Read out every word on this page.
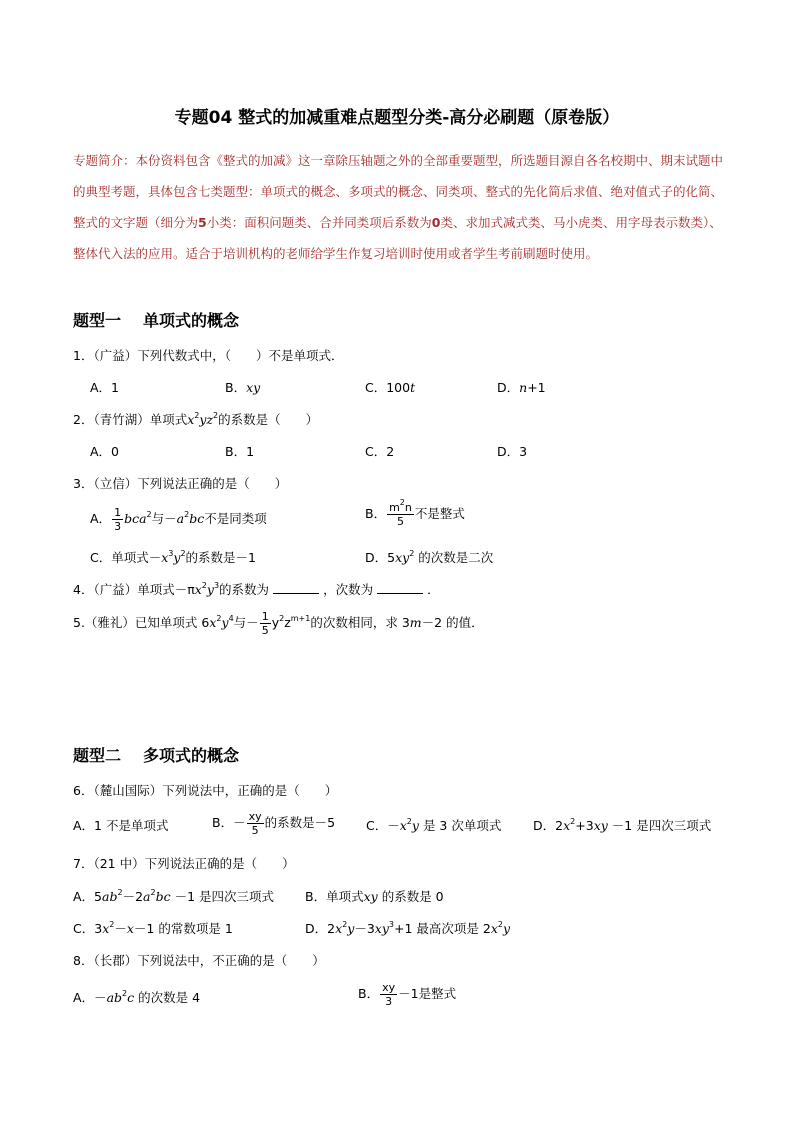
专题04 整式的加减重难点题型分类-高分必刷题（原卷版）
专题简介：本份资料包含《整式的加减》这一章除压轴题之外的全部重要题型，所选题目源自各名校期中、期末试题中的典型考题，具体包含七类题型：单项式的概念、多项式的概念、同类项、整式的先化简后求值、绝对值式子的化简、整式的文字题（细分为5小类：面积问题类、合并同类项后系数为0类、求加式减式类、马小虎类、用字母表示数类）、整体代入法的应用。适合于培训机构的老师给学生作复习培训时使用或者学生考前刷题时使用。
题型一 单项式的概念
1．（广益）下列代数式中，（　　）不是单项式．
A．1	B．xy	C．100t	D．n+1
2．（青竹湖）单项式$x^2yz^2$的系数是（　　）
A．0	B．1	C．2	D．3
3．（立信）下列说法正确的是（　　）
A． $\frac{1}{3} bca^2$与$-a^2bc$不是同类项	B． $\frac{m^2n}{5}$ 不是整式
C．单项式$-x^3y^2$的系数是－1	D．$5xy^2$ 的次数是二次
4．（广益）单项式$-\pi x^2y^3$的系数为	，次数为	．
5.（雅礼）已知单项式 $6x^2y^4$与－ $\frac{1}{5} y^2z^{m+1}$的次数相同，求 3m－2 的值．
题型二 多项式的概念
6．（麓山国际）下列说法中，正确的是（　　）
A．1 不是单项式	B．－ $\frac{xy}{5}$ 的系数是－5 C．$-x^2y$ 是 3 次单项式	D．$2x^2+3xy -1$ 是四次三项式
7．（21 中）下列说法正确的是（　　）
A．$5ab^2-2a^2bc -1$ 是四次三项式 B．单项式xy 的系数是 0
C．$3x^2-x-1$ 的常数项是 1	D．$2x^2y-3xy^3+1$ 最高次项是 $2x^2y$
8．（长郡）下列说法中，不正确的是（　　）
A．$-ab^2c$ 的次数是 4	B． $\frac{xy}{3} -1$是整式
